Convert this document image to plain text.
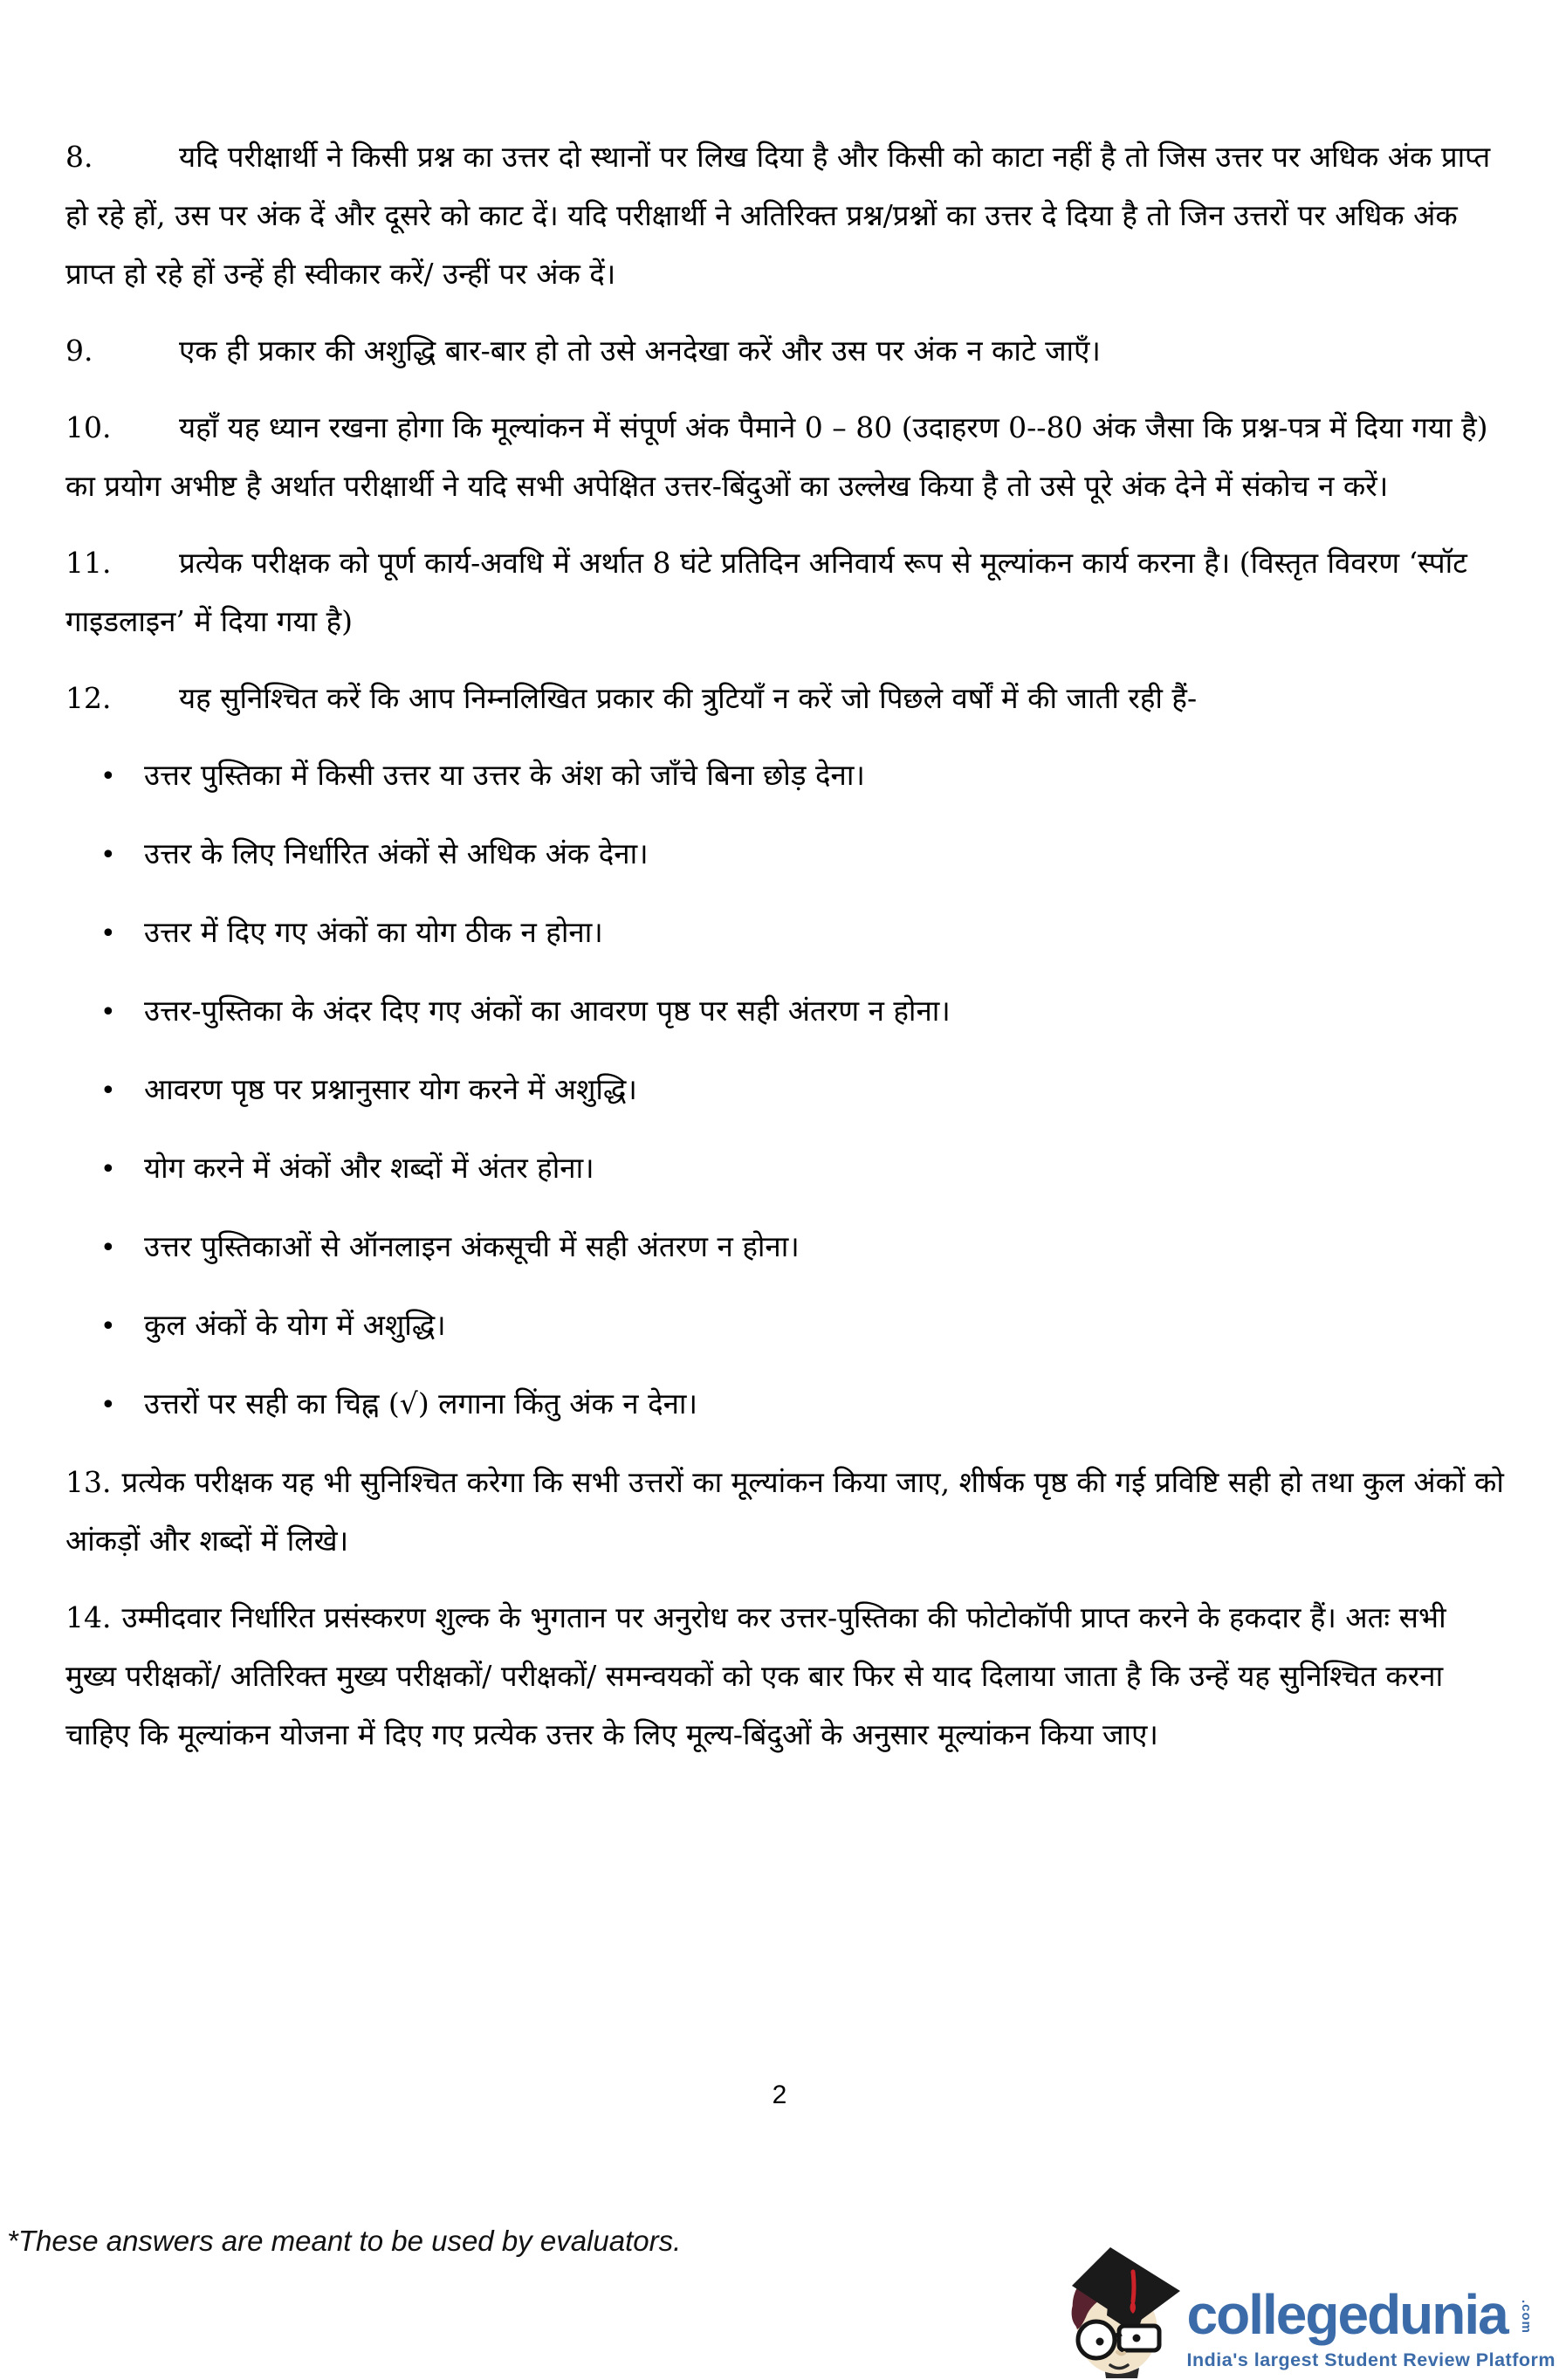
8.	यदि परीक्षार्थी ने किसी प्रश्न का उत्तर दो स्थानों पर लिख दिया है और किसी को काटा नहीं है तो जिस उत्तर पर अधिक अंक प्राप्त हो रहे हों, उस पर अंक दें और दूसरे को काट दें। यदि परीक्षार्थी ने अतिरिक्त प्रश्न/प्रश्नों का उत्तर दे दिया है तो जिन उत्तरों पर अधिक अंक प्राप्त हो रहे हों उन्हें ही स्वीकार करें/ उन्हीं पर अंक दें।

9.	एक ही प्रकार की अशुद्धि बार-बार हो तो उसे अनदेखा करें और उस पर अंक न काटे जाएँ।

10. यहाँ यह ध्यान रखना होगा कि मूल्यांकन में संपूर्ण अंक पैमाने 0 – 80 (उदाहरण 0--80 अंक जैसा कि प्रश्न-पत्र में दिया गया है) का प्रयोग अभीष्ट है अर्थात परीक्षार्थी ने यदि सभी अपेक्षित उत्तर-बिंदुओं का उल्लेख किया है तो उसे पूरे अंक देने में संकोच न करें।

11. प्रत्येक परीक्षक को पूर्ण कार्य-अवधि में अर्थात 8 घंटे प्रतिदिन अनिवार्य रूप से मूल्यांकन कार्य करना है। (विस्तृत विवरण ‘स्पॉट गाइडलाइन’ में दिया गया है)

12. यह सुनिश्चित करें कि आप निम्नलिखित प्रकार की त्रुटियाँ न करें जो पिछले वर्षों में की जाती रही हैं-

• उत्तर पुस्तिका में किसी उत्तर या उत्तर के अंश को जाँचे बिना छोड़ देना।

• उत्तर के लिए निर्धारित अंकों से अधिक अंक देना।

• उत्तर में दिए गए अंकों का योग ठीक न होना।

• उत्तर-पुस्तिका के अंदर दिए गए अंकों का आवरण पृष्ठ पर सही अंतरण न होना।

• आवरण पृष्ठ पर प्रश्नानुसार योग करने में अशुद्धि।

• योग करने में अंकों और शब्दों में अंतर होना।

• उत्तर पुस्तिकाओं से ऑनलाइन अंकसूची में सही अंतरण न होना।

• कुल अंकों के योग में अशुद्धि।

• उत्तरों पर सही का चिह्न (√) लगाना किंतु अंक न देना।

13. प्रत्येक परीक्षक यह भी सुनिश्चित करेगा कि सभी उत्तरों का मूल्यांकन किया जाए, शीर्षक पृष्ठ की गई प्रविष्टि सही हो तथा कुल अंकों को आंकड़ों और शब्दों में लिखे।

14. उम्मीदवार निर्धारित प्रसंस्करण शुल्क के भुगतान पर अनुरोध कर उत्तर-पुस्तिका की फोटोकॉपी प्राप्त करने के हकदार हैं। अतः सभी मुख्य परीक्षकों/ अतिरिक्त मुख्य परीक्षकों/ परीक्षकों/ समन्वयकों को एक बार फिर से याद दिलाया जाता है कि उन्हें यह सुनिश्चित करना चाहिए कि मूल्यांकन योजना में दिए गए प्रत्येक उत्तर के लिए मूल्य-बिंदुओं के अनुसार मूल्यांकन किया जाए।

2
*These answers are meant to be used by evaluators.
collegedunia .com
India's largest Student Review Platform
